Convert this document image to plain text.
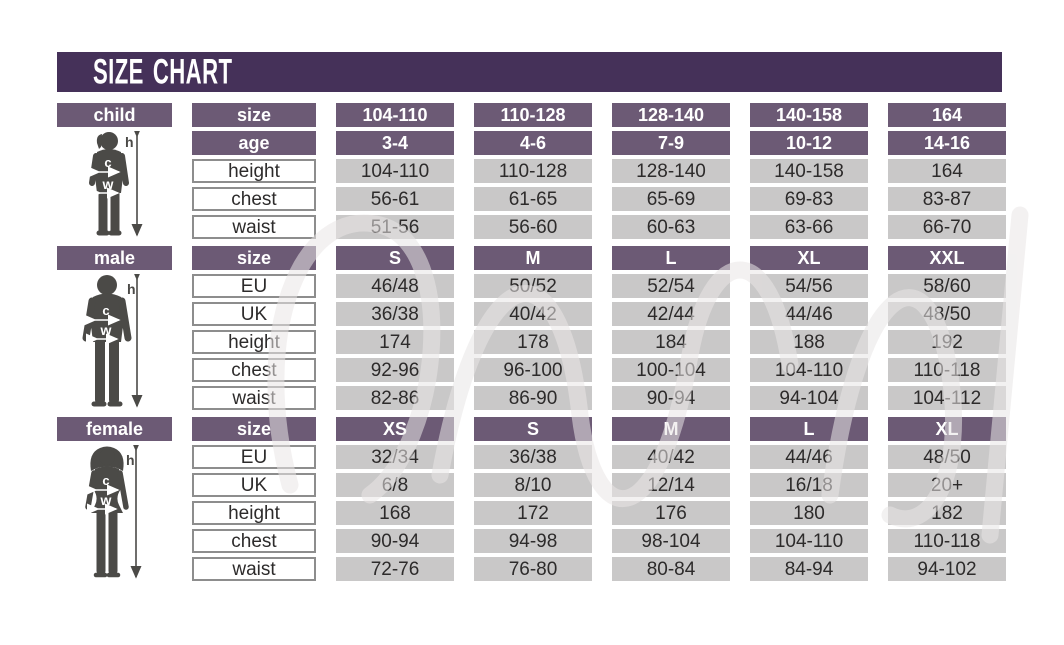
SIZE CHART
child
c
w
h
size	104-110	110-128	128-140	140-158	164
age	3-4	4-6	7-9	10-12	14-16
height	104-110	110-128	128-140	140-158	164
chest	56-61	61-65	65-69	69-83	83-87
waist	51-56	56-60	60-63	63-66	66-70
male
c
w
h
size	S	M	L	XL	XXL
EU	46/48	50/52	52/54	54/56	58/60
UK	36/38	40/42	42/44	44/46	48/50
height	174	178	184	188	192
chest	92-96	96-100	100-104	104-110	110-118
waist	82-86	86-90	90-94	94-104	104-112
female
c
w
h
size	XS	S	M	L	XL
EU	32/34	36/38	40/42	44/46	48/50
UK	6/8	8/10	12/14	16/18	20+
height	168	172	176	180	182
chest	90-94	94-98	98-104	104-110	110-118
waist	72-76	76-80	80-84	84-94	94-102
